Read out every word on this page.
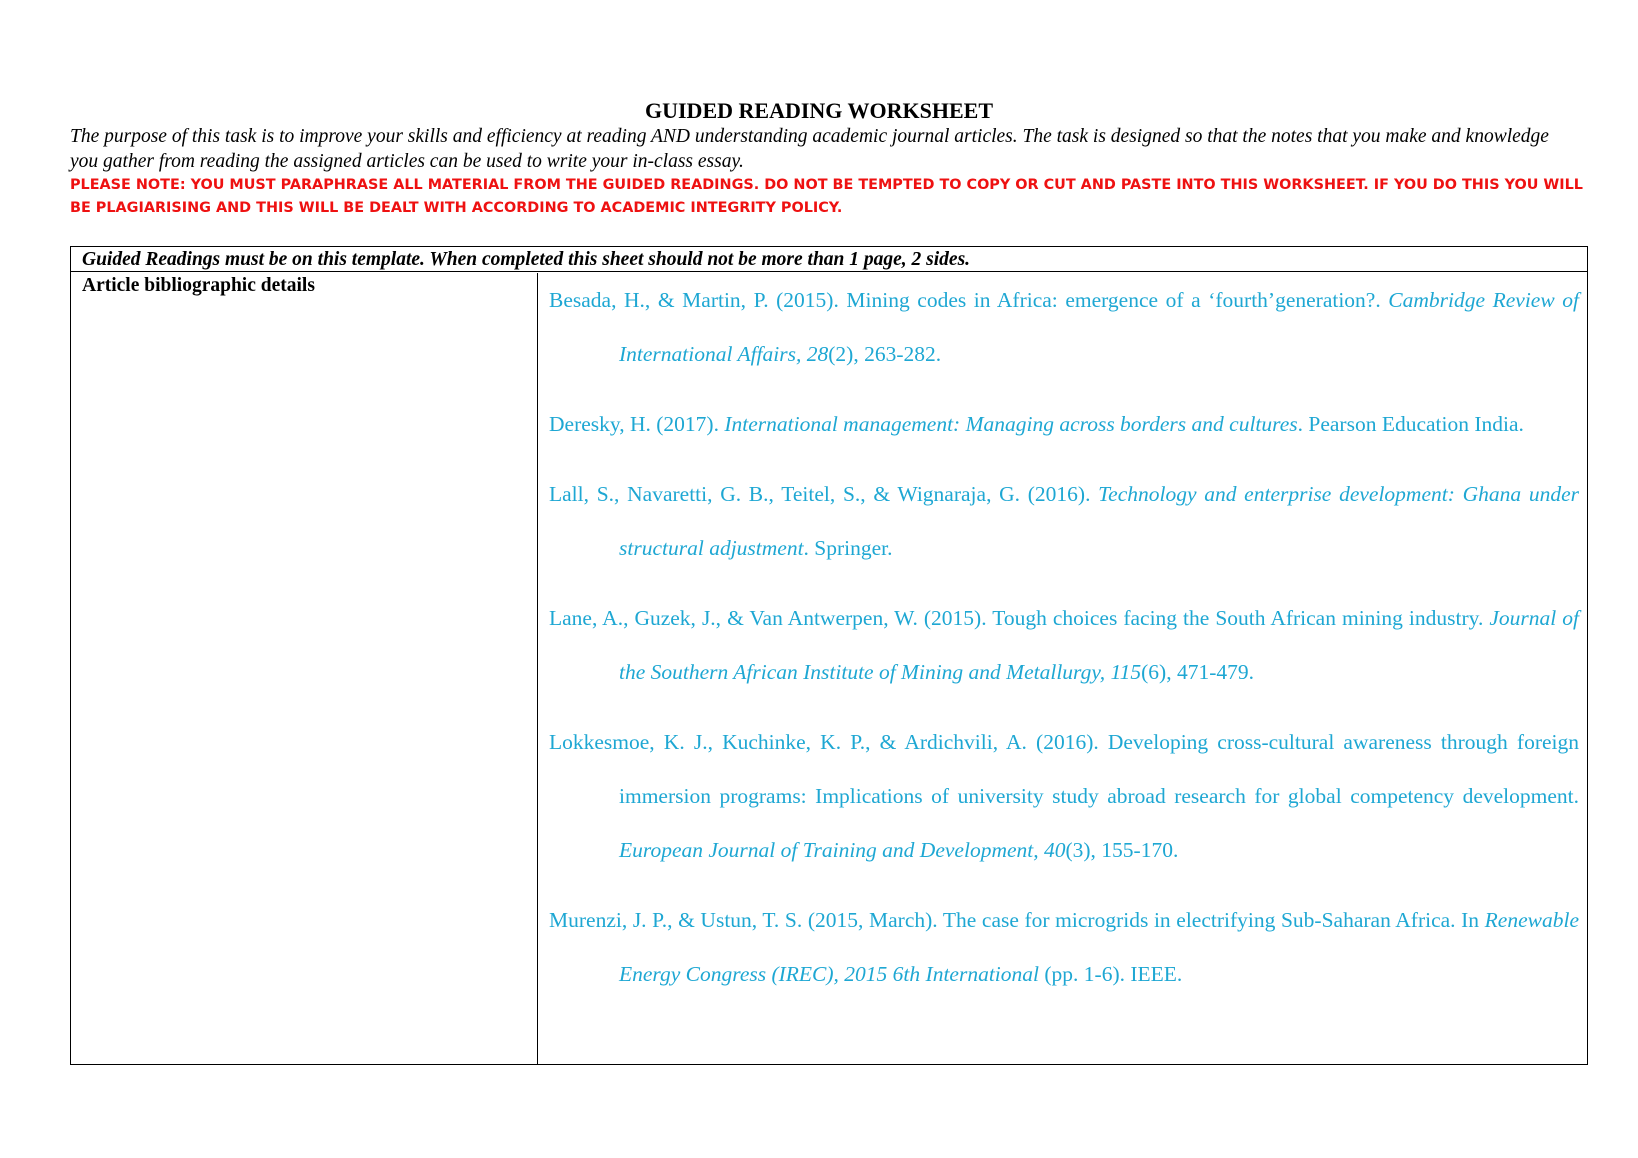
GUIDED READING WORKSHEET
The purpose of this task is to improve your skills and efficiency at reading AND understanding academic journal articles. The task is designed so that the notes that you make and knowledge you gather from reading the assigned articles can be used to write your in-class essay.
PLEASE NOTE: YOU MUST PARAPHRASE ALL MATERIAL FROM THE GUIDED READINGS. DO NOT BE TEMPTED TO COPY OR CUT AND PASTE INTO THIS WORKSHEET. IF YOU DO THIS YOU WILL BE PLAGIARISING AND THIS WILL BE DEALT WITH ACCORDING TO ACADEMIC INTEGRITY POLICY.
Guided Readings must be on this template. When completed this sheet should not be more than 1 page, 2 sides.
Article bibliographic details

Besada, H., & Martin, P. (2015). Mining codes in Africa: emergence of a ‘fourth’generation?. Cambridge Review of International Affairs, 28(2), 263-282.

Deresky, H. (2017). International management: Managing across borders and cultures. Pearson Education India.

Lall, S., Navaretti, G. B., Teitel, S., & Wignaraja, G. (2016). Technology and enterprise development: Ghana under structural adjustment. Springer.

Lane, A., Guzek, J., & Van Antwerpen, W. (2015). Tough choices facing the South African mining industry. Journal of the Southern African Institute of Mining and Metallurgy, 115(6), 471-479.

Lokkesmoe, K. J., Kuchinke, K. P., & Ardichvili, A. (2016). Developing cross-cultural awareness through foreign immersion programs: Implications of university study abroad research for global competency development. European Journal of Training and Development, 40(3), 155-170.

Murenzi, J. P., & Ustun, T. S. (2015, March). The case for microgrids in electrifying Sub-Saharan Africa. In Renewable Energy Congress (IREC), 2015 6th International (pp. 1-6). IEEE.
